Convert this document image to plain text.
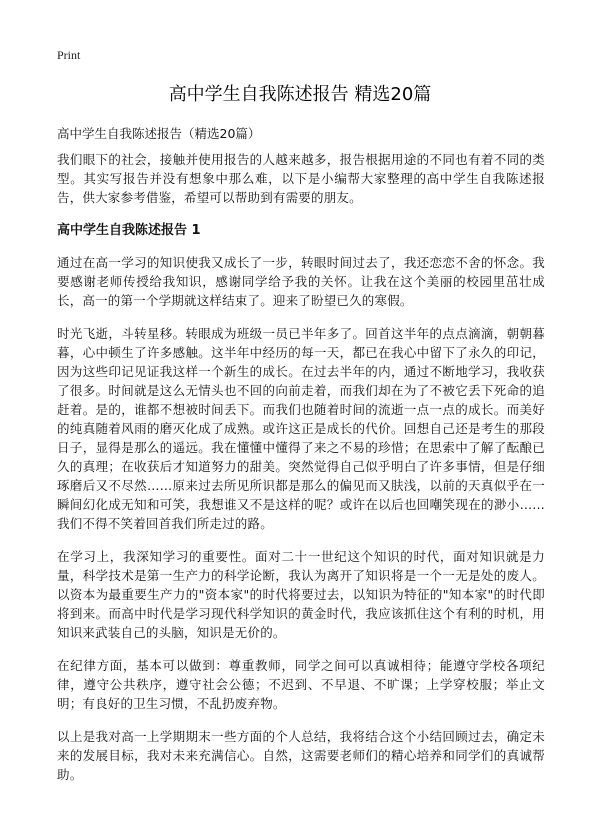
Print
高中学生自我陈述报告 精选20篇
高中学生自我陈述报告（精选20篇）

我们眼下的社会，接触并使用报告的人越来越多，报告根据用途的不同也有着不同的类型。其实写报告并没有想象中那么难，以下是小编帮大家整理的高中学生自我陈述报告，供大家参考借鉴，希望可以帮助到有需要的朋友。

高中学生自我陈述报告 1

通过在高一学习的知识使我又成长了一步，转眼时间过去了，我还恋恋不舍的怀念。我要感谢老师传授给我知识，感谢同学给予我的关怀。让我在这个美丽的校园里茁壮成长，高一的第一个学期就这样结束了。迎来了盼望已久的寒假。

时光飞逝，斗转星移。转眼成为班级一员已半年多了。回首这半年的点点滴滴，朝朝暮暮，心中顿生了许多感触。这半年中经历的每一天，都已在我心中留下了永久的印记，因为这些印记见证我这样一个新生的成长。在过去半年的内，通过不断地学习，我收获了很多。时间就是这么无情头也不回的向前走着，而我们却在为了不被它丢下死命的追赶着。是的，谁都不想被时间丢下。而我们也随着时间的流逝一点一点的成长。而美好的纯真随着风雨的磨灭化成了成熟。或许这正是成长的代价。回想自己还是考生的那段日子，显得是那么的遥远。我在懂懂中懂得了来之不易的珍惜；在思索中了解了酝酿已久的真理；在收获后才知道努力的甜美。突然觉得自己似乎明白了许多事情，但是仔细琢磨后又不尽然……原来过去所见所识都是那么的偏见而又肤浅，以前的天真似乎在一瞬间幻化成无知和可笑，我想谁又不是这样的呢？或许在以后也回嘲笑现在的渺小……我们不得不笑着回首我们所走过的路。

在学习上，我深知学习的重要性。面对二十一世纪这个知识的时代，面对知识就是力量，科学技术是第一生产力的科学论断，我认为离开了知识将是一个一无是处的废人。以资本为最重要生产力的"资本家"的时代将要过去，以知识为特征的"知本家"的时代即将到来。而高中时代是学习现代科学知识的黄金时代，我应该抓住这个有利的时机，用知识来武装自己的头脑，知识是无价的。

在纪律方面，基本可以做到：尊重教师，同学之间可以真诚相待；能遵守学校各项纪律，遵守公共秩序，遵守社会公德；不迟到、不早退、不旷课；上学穿校服；举止文明；有良好的卫生习惯，不乱扔废弃物。

以上是我对高一上学期期末一些方面的个人总结，我将结合这个小结回顾过去，确定未来的发展目标，我对未来充满信心。自然，这需要老师们的精心培养和同学们的真诚帮助。
